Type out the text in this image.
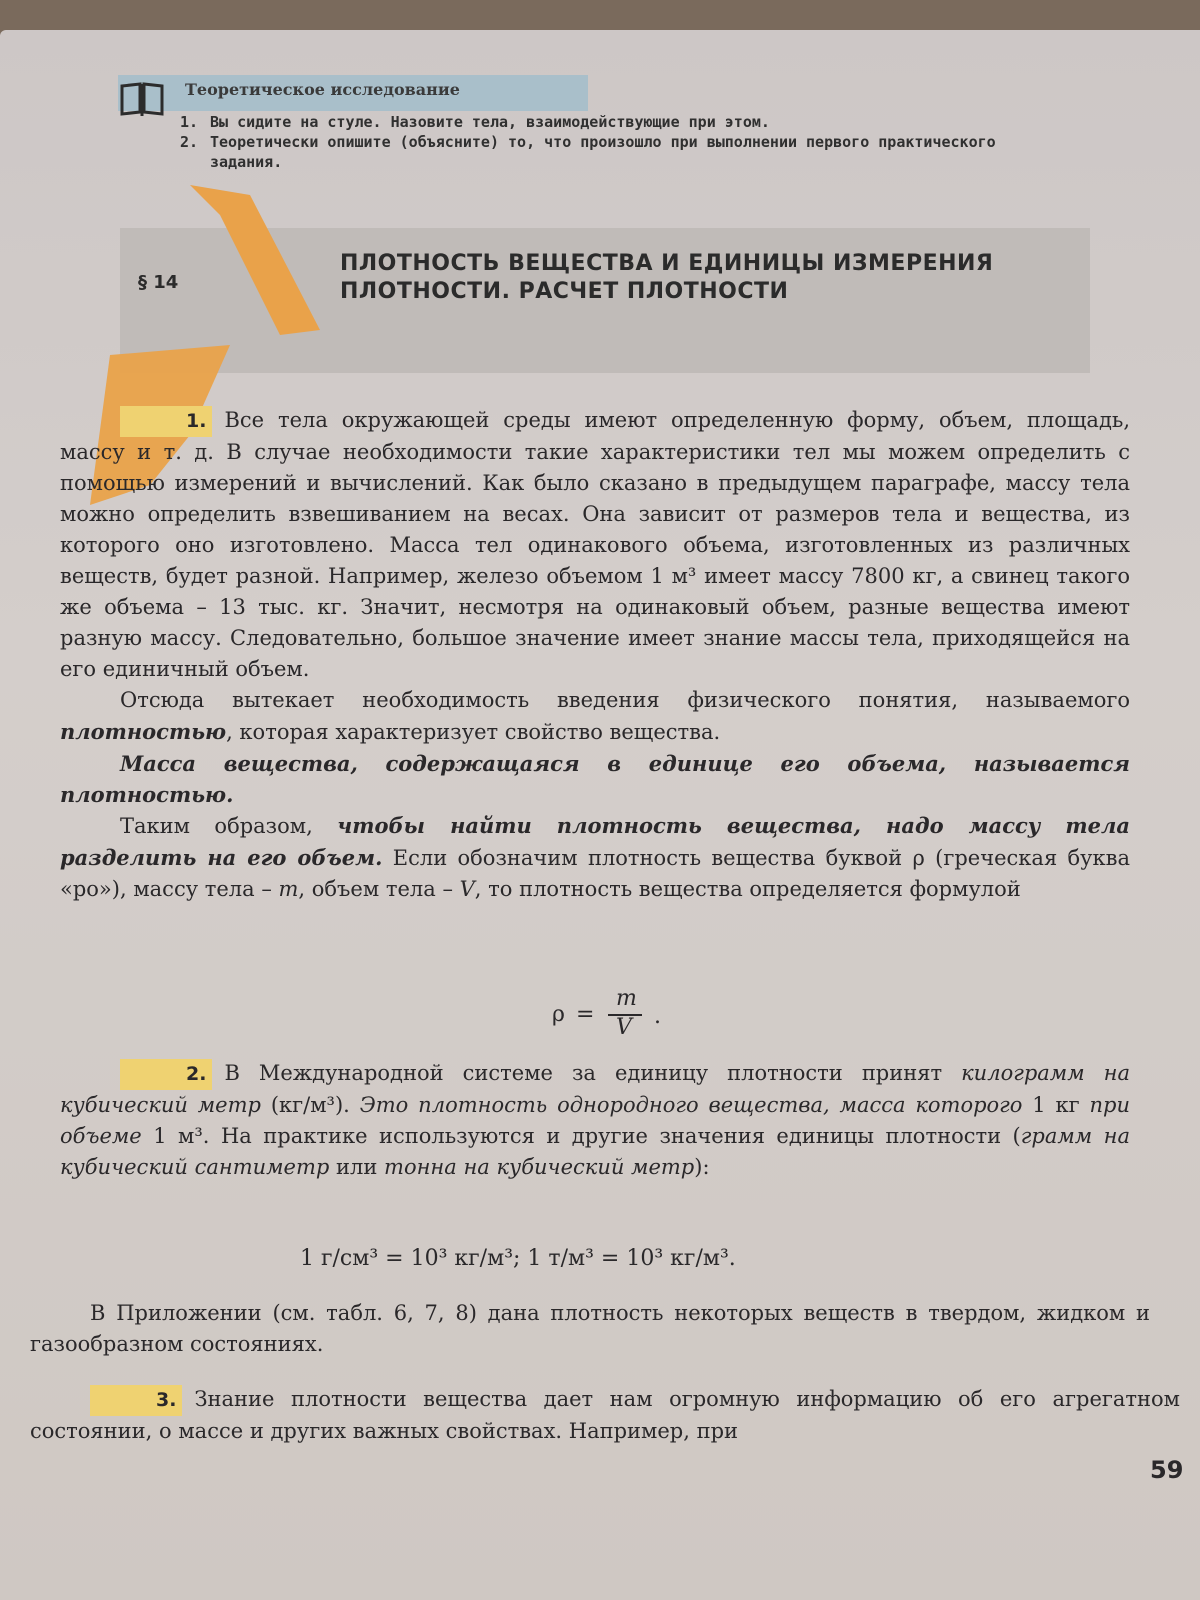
Теоретическое исследование
1. Вы сидите на стуле. Назовите тела, взаимодействующие при этом.
2. Теоретически опишите (объясните) то, что произошло при выполнении первого практического задания.
§ 14
ПЛОТНОСТЬ ВЕЩЕСТВА И ЕДИНИЦЫ ИЗМЕРЕНИЯ
ПЛОТНОСТИ. РАСЧЕТ ПЛОТНОСТИ

1. Все тела окружающей среды имеют определенную форму, объем, площадь, массу и т. д. В случае необходимости такие характеристики тел мы можем определить с помощью измерений и вычислений. Как было сказано в предыдущем параграфе, массу тела можно определить взвешиванием на весах. Она зависит от размеров тела и вещества, из которого оно изготовлено. Масса тел одинакового объема, изготовленных из различных веществ, будет разной. Например, железо объемом 1 м³ имеет массу 7800 кг, а свинец такого же объема – 13 тыс. кг. Значит, несмотря на одинаковый объем, разные вещества имеют разную массу. Следовательно, большое значение имеет знание массы тела, приходящейся на его единичный объем.

Отсюда вытекает необходимость введения физического понятия, называемого плотностью, которая характеризует свойство вещества.

Масса вещества, содержащаяся в единице его объема, называется плотностью.

Таким образом, чтобы найти плотность вещества, надо массу тела разделить на его объем. Если обозначим плотность вещества буквой ρ (греческая буква «ро»), массу тела – m, объем тела – V, то плотность вещества определяется формулой

ρ =
m
V .

2. В Международной системе за единицу плотности принят килограмм на кубический метр (кг/м³). Это плотность однородного вещества, масса которого 1 кг при объеме 1 м³. На практике используются и другие значения единицы плотности (грамм на кубический сантиметр или тонна на кубический метр):

1 г/см³ = 10³ кг/м³; 1 т/м³ = 10³ кг/м³.

В Приложении (см. табл. 6, 7, 8) дана плотность некоторых веществ в твердом, жидком и газообразном состояниях.

3. Знание плотности вещества дает нам огромную информацию об его агрегатном состоянии, о массе и других важных свойствах. Например, при

59
